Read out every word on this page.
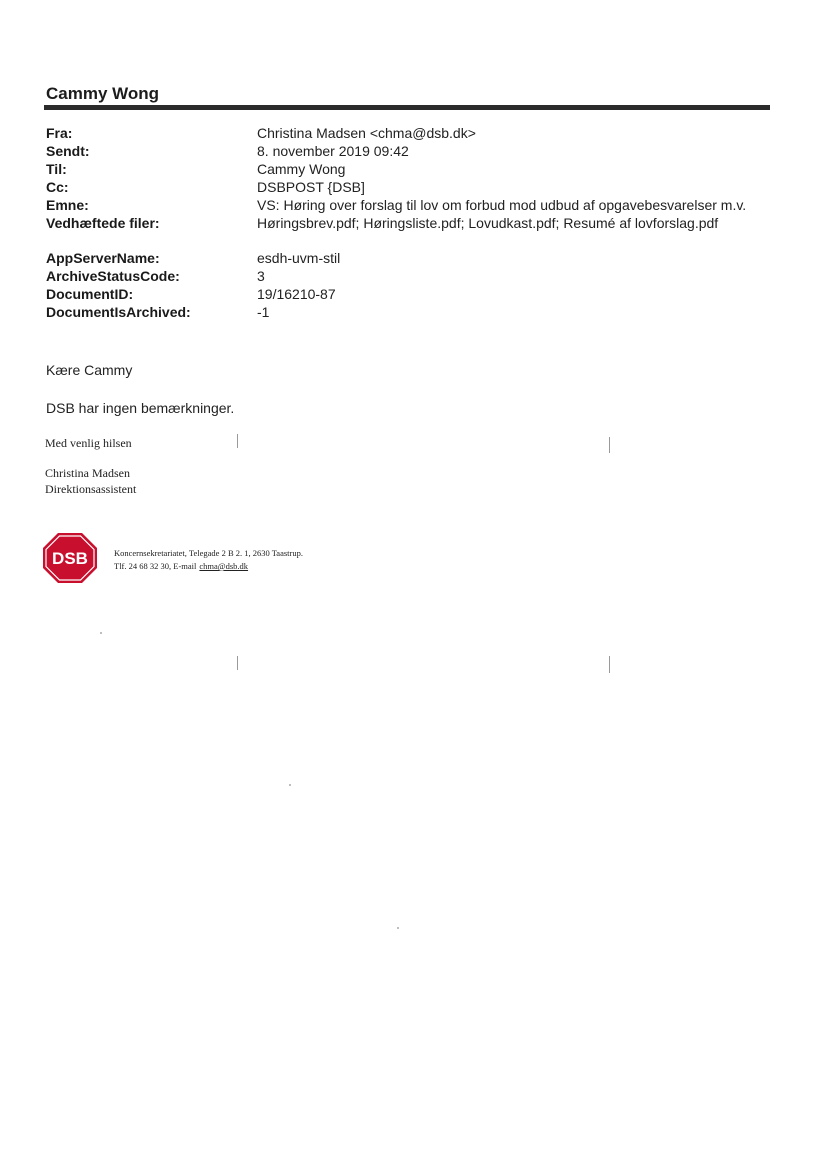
Cammy Wong
Fra:	Christina Madsen <chma@dsb.dk>
Sendt:	8. november 2019 09:42
Til:	Cammy Wong
Cc:	DSBPOST {DSB]
Emne:	VS: Høring over forslag til lov om forbud mod udbud af opgavebesvarelser m.v.
Vedhæftede filer:	Høringsbrev.pdf; Høringsliste.pdf; Lovudkast.pdf; Resumé af lovforslag.pdf
AppServerName:	esdh-uvm-stil
ArchiveStatusCode:	3
DocumentID:	19/16210-87
DocumentIsArchived:	-1
Kære Cammy
DSB har ingen bemærkninger.
Med venlig hilsen
Christina Madsen
Direktionsassistent
DSB	Koncernsekretariatet, Telegade 2 B 2. 1, 2630 Taastrup.
Tlf. 24 68 32 30, E-mail chma@dsb.dk
